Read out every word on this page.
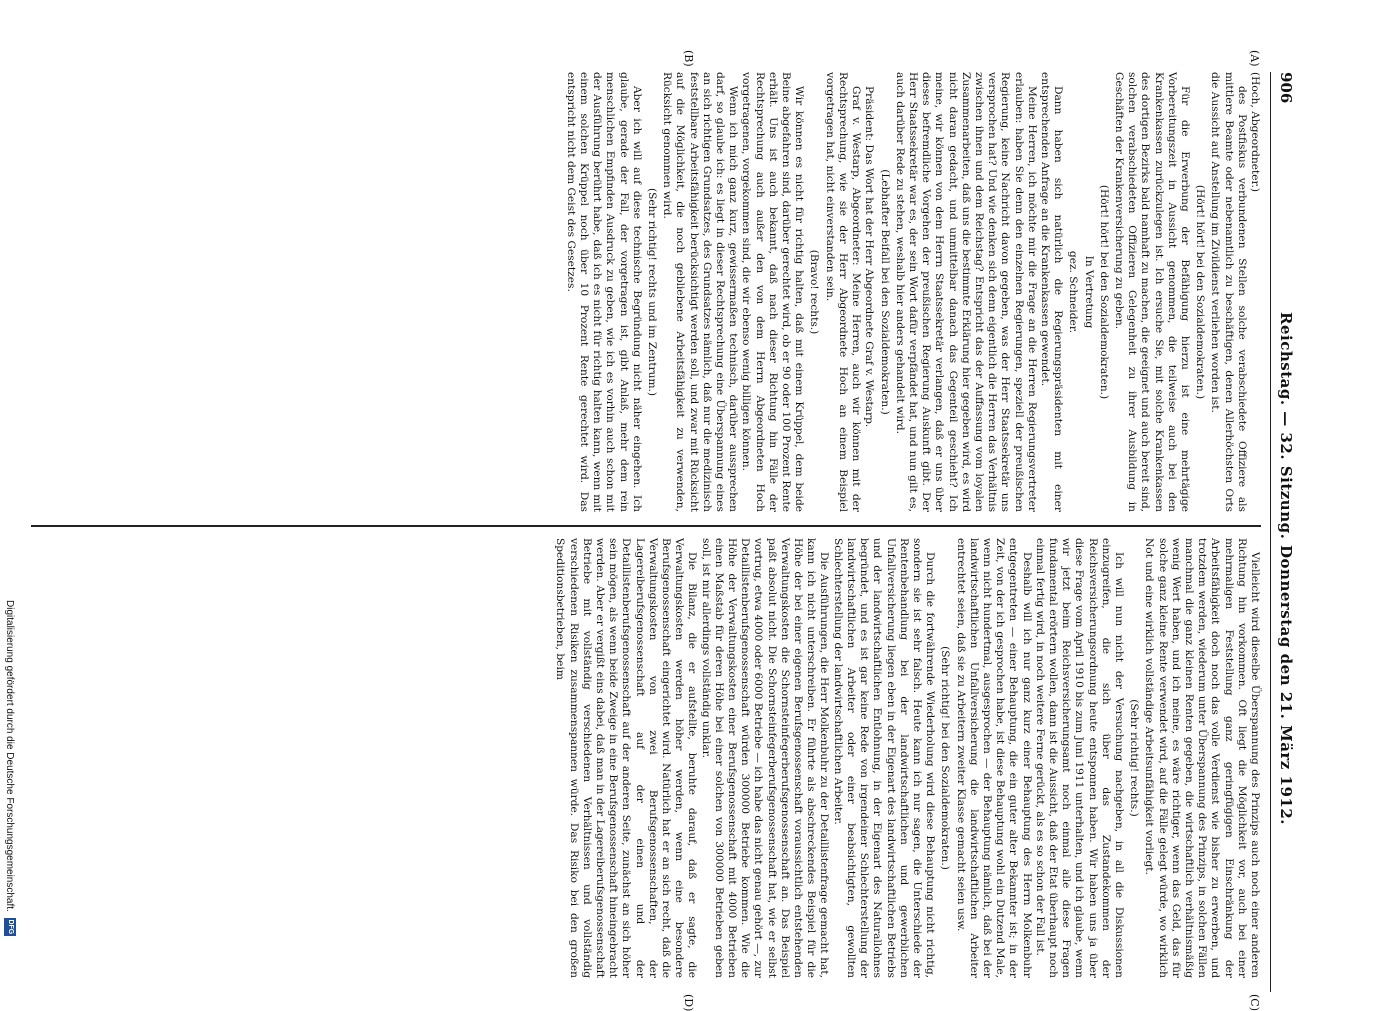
906
Reichstag. — 32. Sitzung. Donnerstag den 21. März 1912.
(A)
(B)
(C)
(D)

(Hoch, Abgeordneter.)

des Postfiskus verbundenen Stellen solche verabschiedete Offiziere als mittlere Beamte oder nebenamtlich zu beschäftigen, denen Allerhöchsten Orts die Aussicht auf Anstellung im Zivildienst verliehen worden ist.

(Hört! hört! bei den Sozialdemokraten.)

Für die Erwerbung der Befähigung hierzu ist eine mehrtägige Vorbereitungszeit in Aussicht genommen, die teilweise auch bei den Krankenkassen zurückzulegen ist. Ich ersuche Sie, mit solche Krankenkassen des dortigen Bezirks bald namhaft zu machen, die geeignet und auch bereit sind, solchen verabschiedeten Offizieren Gelegenheit zu ihrer Ausbildung in Geschäften der Krankenversicherung zu geben.

(Hört! hört! bei den Sozialdemokraten.)

In Vertretung

gez. Schneider.

Dann haben sich natürlich die Regierungspräsidenten mit einer entsprechenden Anfrage an die Krankenkassen gewendet.

Meine Herren, ich möchte mir die Frage an die Herren Regierungsvertreter erlauben: haben Sie denn den einzelnen Regierungen, speziell der preußischen Regierung, keine Nachricht davon gegeben, was der Herr Staatssekretär uns versprochen hat? Und wie denken sich denn eigentlich die Herren das Verhältnis zwischen ihnen und dem Reichstag? Entspricht das der Auffassung vom loyalen Zusammenarbeiten, daß uns die bestimmte Erklärung hier gegeben wird, es wird nicht daran gedacht, und unmittelbar danach das Gegenteil geschieht? Ich meine, wir können von dem Herrn Staatssekretär verlangen, daß er uns über dieses befremdliche Vorgehen der preußischen Regierung Auskunft gibt. Der Herr Staatssekretär war es, der sein Wort dafür verpfändet hat, und nun gilt es, auch darüber Rede zu stehen, weshalb hier anders gehandelt wird.

(Lebhafter Beifall bei den Sozialdemokraten.)

Präsident: Das Wort hat der Herr Abgeordnete Graf v. Westarp.

Graf v. Westarp, Abgeordneter: Meine Herren, auch wir können mit der Rechtsprechung, wie sie der Herr Abgeordnete Hoch an einem Beispiel vorgetragen hat, nicht einverstanden sein.

(Bravo! rechts.)

Wir können es nicht für richtig halten, daß mit einem Krüppel, dem beide Beine abgefahren sind, darüber gerechtet wird, ob er 90 oder 100 Prozent Rente erhält. Uns ist auch bekannt, daß nach dieser Richtung hin Fälle der Rechtsprechung auch außer den von dem Herrn Abgeordneten Hoch vorgetragenen, vorgekommen sind, die wir ebenso wenig billigen können.

Wenn ich mich ganz kurz, gewissermaßen technisch, darüber aussprechen darf, so glaube ich: es liegt in dieser Rechtsprechung eine Überspannung eines an sich richtigen Grundsatzes, des Grundsatzes nämlich, daß nur die medizinisch feststellbare Arbeitsfähigkeit berücksichtigt werden soll, und zwar mit Rücksicht auf die Möglichkeit, die noch gebliebene Arbeitsfähigkeit zu verwenden, Rücksicht genommen wird.

(Sehr richtig! rechts und im Zentrum.)

Aber ich will auf diese technische Begründung nicht näher eingehen. Ich glaube, gerade der Fall, der vorgetragen ist, gibt Anlaß, mehr dem rein menschlichen Empfinden Ausdruck zu geben, wie ich es vorhin auch schon mit der Ausführung berührt habe, daß ich es nicht für richtig halten kann, wenn mit einem solchen Krüppel noch über 10 Prozent Rente gerechtet wird. Das entspricht nicht dem Geist des Gesetzes.

Vielleicht wird dieselbe Überspannung des Prinzips auch noch einer anderen Richtung hin vorkommen. Oft liegt die Möglichkeit vor, auch bei einer mehrmaligen Feststellung ganz geringfügigen Einschränkung der Arbeitsfähigkeit doch noch das volle Verdienst wie bisher zu erwerben, und trotzdem werden, wiederum unter Überspannung des Prinzips, in solchen Fällen manchmal die ganz kleinen Renten gegeben, die wirtschaftlich verhältnismäßig wenig Wert haben, und ich meine, es wäre richtiger, wenn das Geld, das für solche ganz kleine Rente verwendet wird, auf die Fälle gelegt würde, wo wirklich Not und eine wirklich vollständige Arbeitsunfähigkeit vorliegt.

(Sehr richtig! rechts.)

Ich will nun nicht der Versuchung nachgeben, in all die Diskussionen einzugreifen, die sich über das Zustandekommen der Reichsversicherungsordnung heute entsponnen haben. Wir haben uns ja über diese Frage vom April 1910 bis zum Juni 1911 unterhalten, und ich glaube, wenn wir jetzt beim Reichsversicherungsamt noch einmal alle diese Fragen fundamental erörtern wollen, dann ist die Aussicht, daß der Etat überhaupt noch einmal fertig wird, in noch weitere Ferne gerückt, als es so schon der Fall ist.

Deshalb will ich nur ganz kurz einer Behauptung des Herrn Molkenbuhr entgegentreten — einer Behauptung, die ein guter alter Bekannter ist; in der Zeit, von der ich gesprochen habe, ist diese Behauptung wohl ein Dutzend Male, wenn nicht hundertmal, ausgesprochen — der Behauptung nämlich, daß bei der landwirtschaftlichen Unfallversicherung die landwirtschaftlichen Arbeiter entrechtet seien, daß sie zu Arbeitern zweiter Klasse gemacht seien usw.

(Sehr richtig! bei den Sozialdemokraten.)

Durch die fortwährende Wiederholung wird diese Behauptung nicht richtig, sondern sie ist sehr falsch. Heute kann ich nur sagen, die Unterschiede der Rentenbehandlung bei der landwirtschaftlichen und gewerblichen Unfallversicherung liegen eben in der Eigenart des landwirtschaftlichen Betriebs und der landwirtschaftlichen Entlohnung, in der Eigenart des Naturallohnes begründet, und es ist gar keine Rede von irgendeiner Schlechterstellung der landwirtschaftlichen Arbeiter oder einer beabsichtigten, gewollten Schlechterstellung der landwirtschaftlichen Arbeiter.

Die Ausführungen, die Herr Molkenbuhr zu der Detaillistenfrage gemacht hat, kann ich nicht unterschreiben. Er führte als abschreckendes Beispiel für die Höhe der bei einer eigenen Berufsgenossenschaft voraussichtlich entstehenden Verwaltungskosten die Schornsteinfegerberufsgenossenschaft an. Das Beispiel paßt absolut nicht. Die Schornsteinfegerberufsgenossenschaft hat, wie er selbst vortrug, etwa 4000 oder 6000 Betriebe — ich habe das nicht genau gehört —, zur Detaillistenberufsgenossenschaft würden 300000 Betriebe kommen. Wie die Höhe der Verwaltungskosten einer Berufsgenossenschaft mit 4000 Betrieben einen Maßstab für deren Höhe bei einer solchen von 300000 Betrieben geben soll, ist mir allerdings vollständig unklar.

Die Bilanz, die er aufstellte, beruhte darauf, daß er sagte, die Verwaltungskosten werden höher werden, wenn eine besondere Berufsgenossenschaft eingerichtet wird. Natürlich hat er an sich recht, daß die Verwaltungskosten von zwei Berufsgenossenschaften, der Lagereiberufsgenossenschaft auf der einen und der Detaillistenberufsgenossenschaft auf der anderen Seite, zunächst an sich höher sein mögen, als wenn beide Zweige in eine Berufsgenossenschaft hineingebracht werden. Aber er vergißt eins dabei, daß man in der Lagereiberufsgenossenschaft Betriebe mit vollständig verschiedenen Verhältnissen und vollständig verschiedenen Risiken zusammenspannen würde. Das Risiko bei den großen Speditionsbetrieben, beim

Digitalisierung gefördert durch die Deutsche Forschungsgemeinschaft.
DFG
